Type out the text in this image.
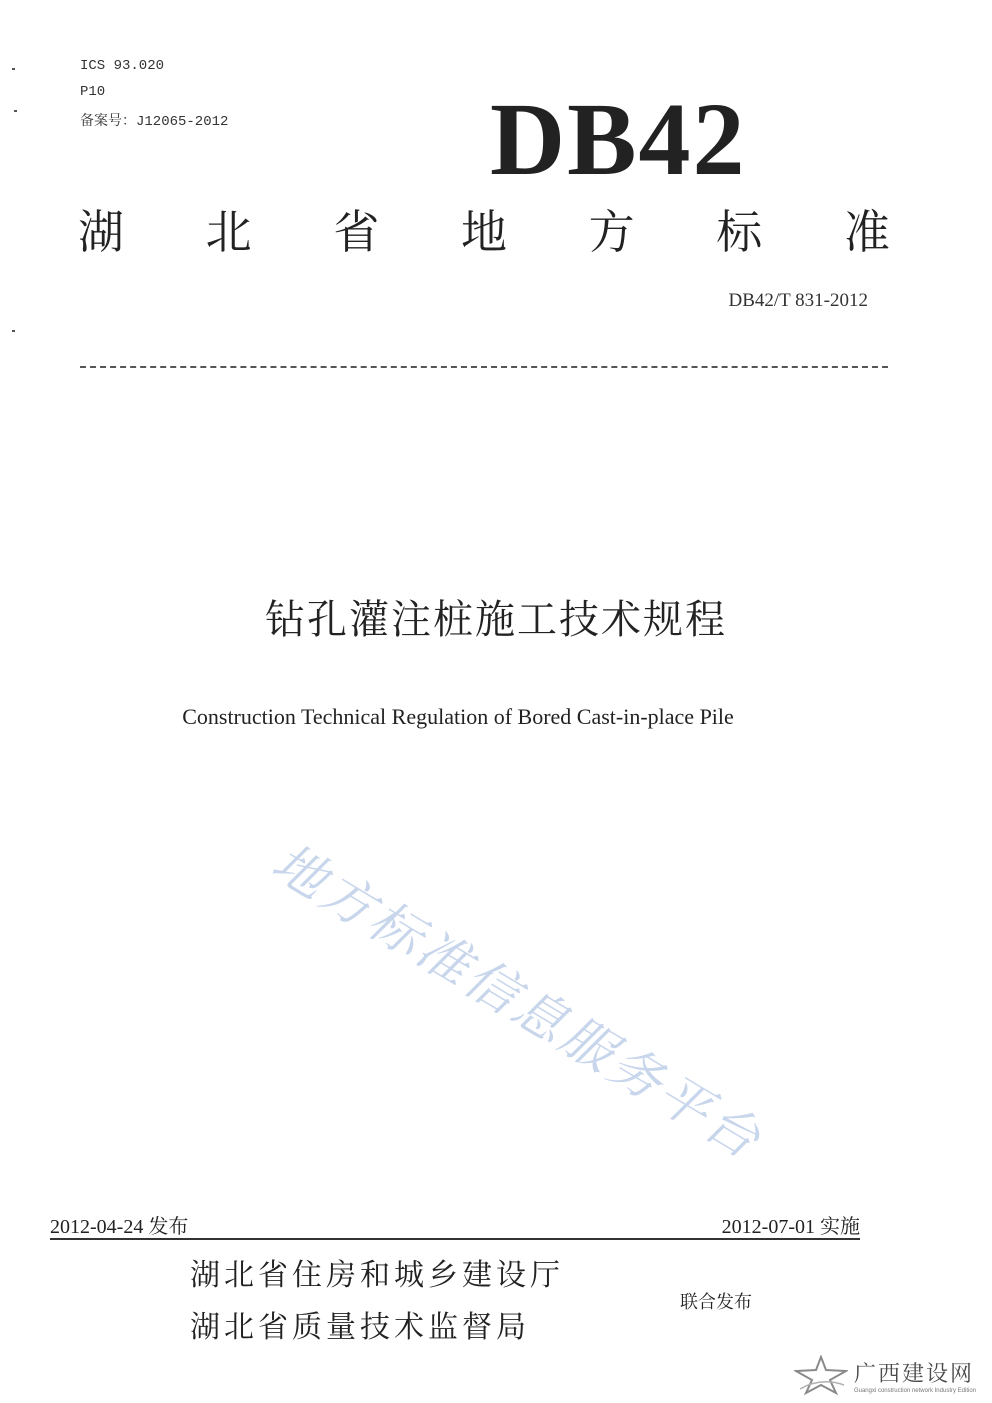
ICS 93.020
P10
备案号：J12065-2012	DB42
湖 北 省 地 方 标 准
DB42/T 831-2012
钻孔灌注桩施工技术规程
Construction Technical Regulation of Bored Cast-in-place Pile
地方标准信息服务平台
2012-04-24 发布	2012-07-01 实施
湖北省住房和城乡建设厅
湖北省质量技术监督局
联合发布
广西建设网
Guangxi construction network Industry Edition
